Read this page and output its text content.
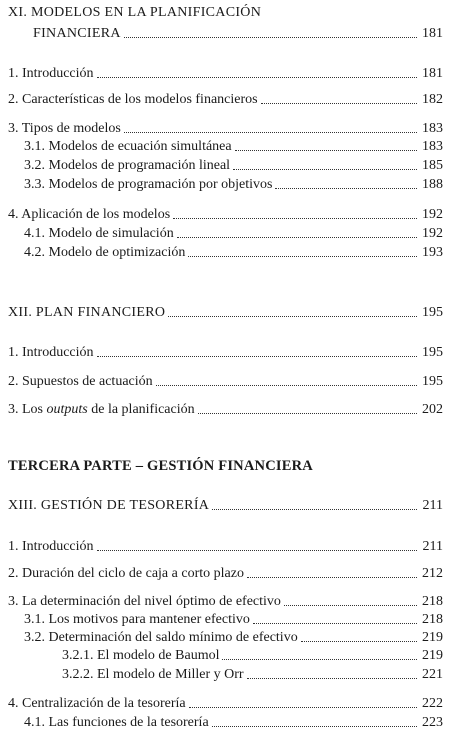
XI. MODELOS EN LA PLANIFICACIÓN
FINANCIERA	181
1. Introducción	181
2. Características de los modelos financieros	182
3. Tipos de modelos	183
3.1. Modelos de ecuación simultánea	183
3.2. Modelos de programación lineal	185
3.3. Modelos de programación por objetivos	188
4. Aplicación de los modelos	192
4.1. Modelo de simulación	192
4.2. Modelo de optimización	193
XII. PLAN FINANCIERO	195
1. Introducción	195
2. Supuestos de actuación	195
3. Los outputs de la planificación	202
TERCERA PARTE – GESTIÓN FINANCIERA
XIII. GESTIÓN DE TESORERÍA	211
1. Introducción	211
2. Duración del ciclo de caja a corto plazo	212
3. La determinación del nivel óptimo de efectivo	218
3.1. Los motivos para mantener efectivo	218
3.2. Determinación del saldo mínimo de efectivo	219
3.2.1. El modelo de Baumol	219
3.2.2. El modelo de Miller y Orr	221
4. Centralización de la tesorería	222
4.1. Las funciones de la tesorería	223
